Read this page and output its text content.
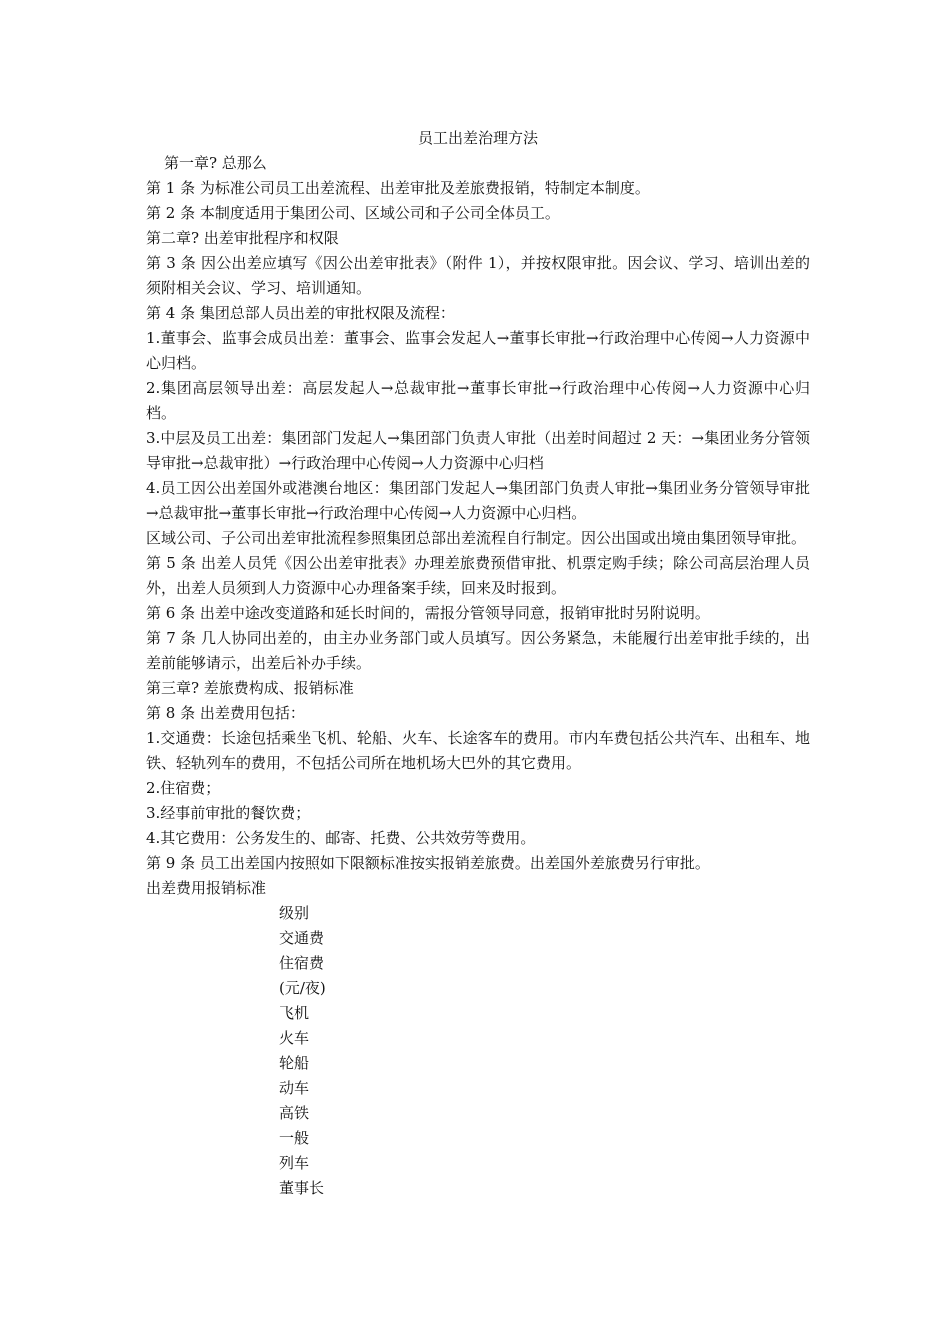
员工出差治理方法
第一章? 总那么
第 1 条 为标准公司员工出差流程、出差审批及差旅费报销，特制定本制度。
第 2 条 本制度适用于集团公司、区域公司和子公司全体员工。
第二章? 出差审批程序和权限
第 3 条 因公出差应填写《因公出差审批表》（附件 1），并按权限审批。因会议、学习、培训出差的须附相关会议、学习、培训通知。
第 4 条 集团总部人员出差的审批权限及流程：
1.董事会、监事会成员出差：董事会、监事会发起人→董事长审批→行政治理中心传阅→人力资源中心归档。
2.集团高层领导出差：高层发起人→总裁审批→董事长审批→行政治理中心传阅→人力资源中心归档。
3.中层及员工出差：集团部门发起人→集团部门负责人审批（出差时间超过 2 天：→集团业务分管领导审批→总裁审批）→行政治理中心传阅→人力资源中心归档
4.员工因公出差国外或港澳台地区：集团部门发起人→集团部门负责人审批→集团业务分管领导审批→总裁审批→董事长审批→行政治理中心传阅→人力资源中心归档。
区域公司、子公司出差审批流程参照集团总部出差流程自行制定。因公出国或出境由集团领导审批。
第 5 条 出差人员凭《因公出差审批表》办理差旅费预借审批、机票定购手续；除公司高层治理人员外，出差人员须到人力资源中心办理备案手续，回来及时报到。
第 6 条 出差中途改变道路和延长时间的，需报分管领导同意，报销审批时另附说明。
第 7 条 几人协同出差的，由主办业务部门或人员填写。因公务紧急，未能履行出差审批手续的，出差前能够请示，出差后补办手续。
第三章? 差旅费构成、报销标准
第 8 条 出差费用包括：
1.交通费：长途包括乘坐飞机、轮船、火车、长途客车的费用。市内车费包括公共汽车、出租车、地铁、轻轨列车的费用，不包括公司所在地机场大巴外的其它费用。
2.住宿费；
3.经事前审批的餐饮费；
4.其它费用：公务发生的、邮寄、托费、公共效劳等费用。
第 9 条 员工出差国内按照如下限额标准按实报销差旅费。出差国外差旅费另行审批。
出差费用报销标准
级别
交通费
住宿费
(元/夜)
飞机
火车
轮船
动车
高铁
一般
列车
董事长
